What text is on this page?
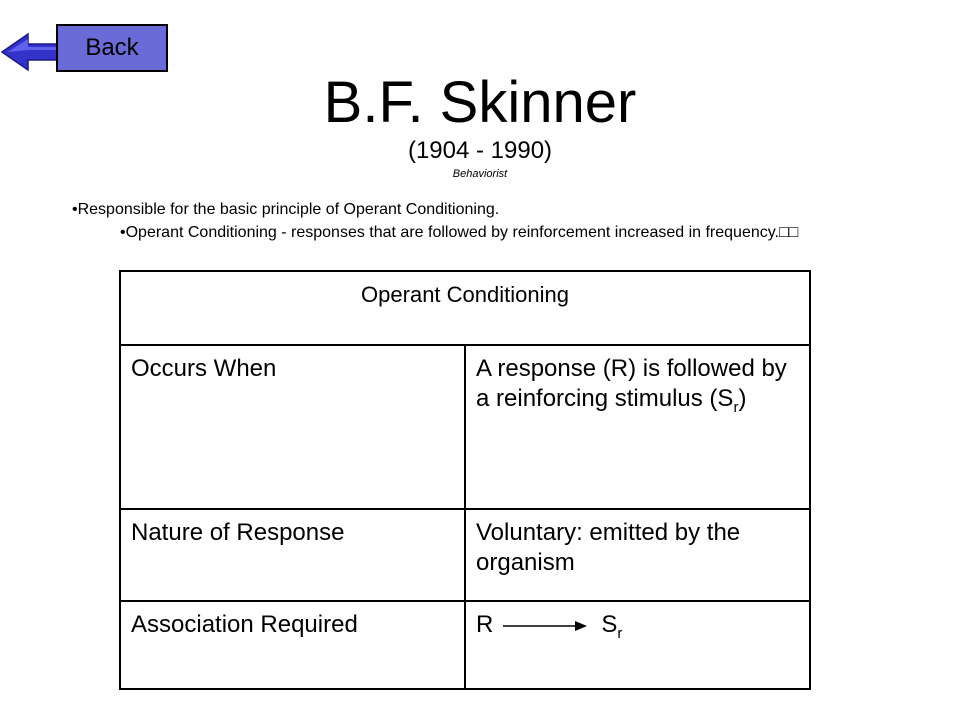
Back
B.F. Skinner
(1904 - 1990)
Behaviorist
•Responsible for the basic principle of Operant Conditioning.
•Operant Conditioning - responses that are followed by reinforcement increased in frequency.□□
Operant Conditioning	
Occurs When	A response (R) is followed by a reinforcing stimulus $(S_r)$
Nature of Response	Voluntary: emitted by the organism
Association Required	R $S_r$
